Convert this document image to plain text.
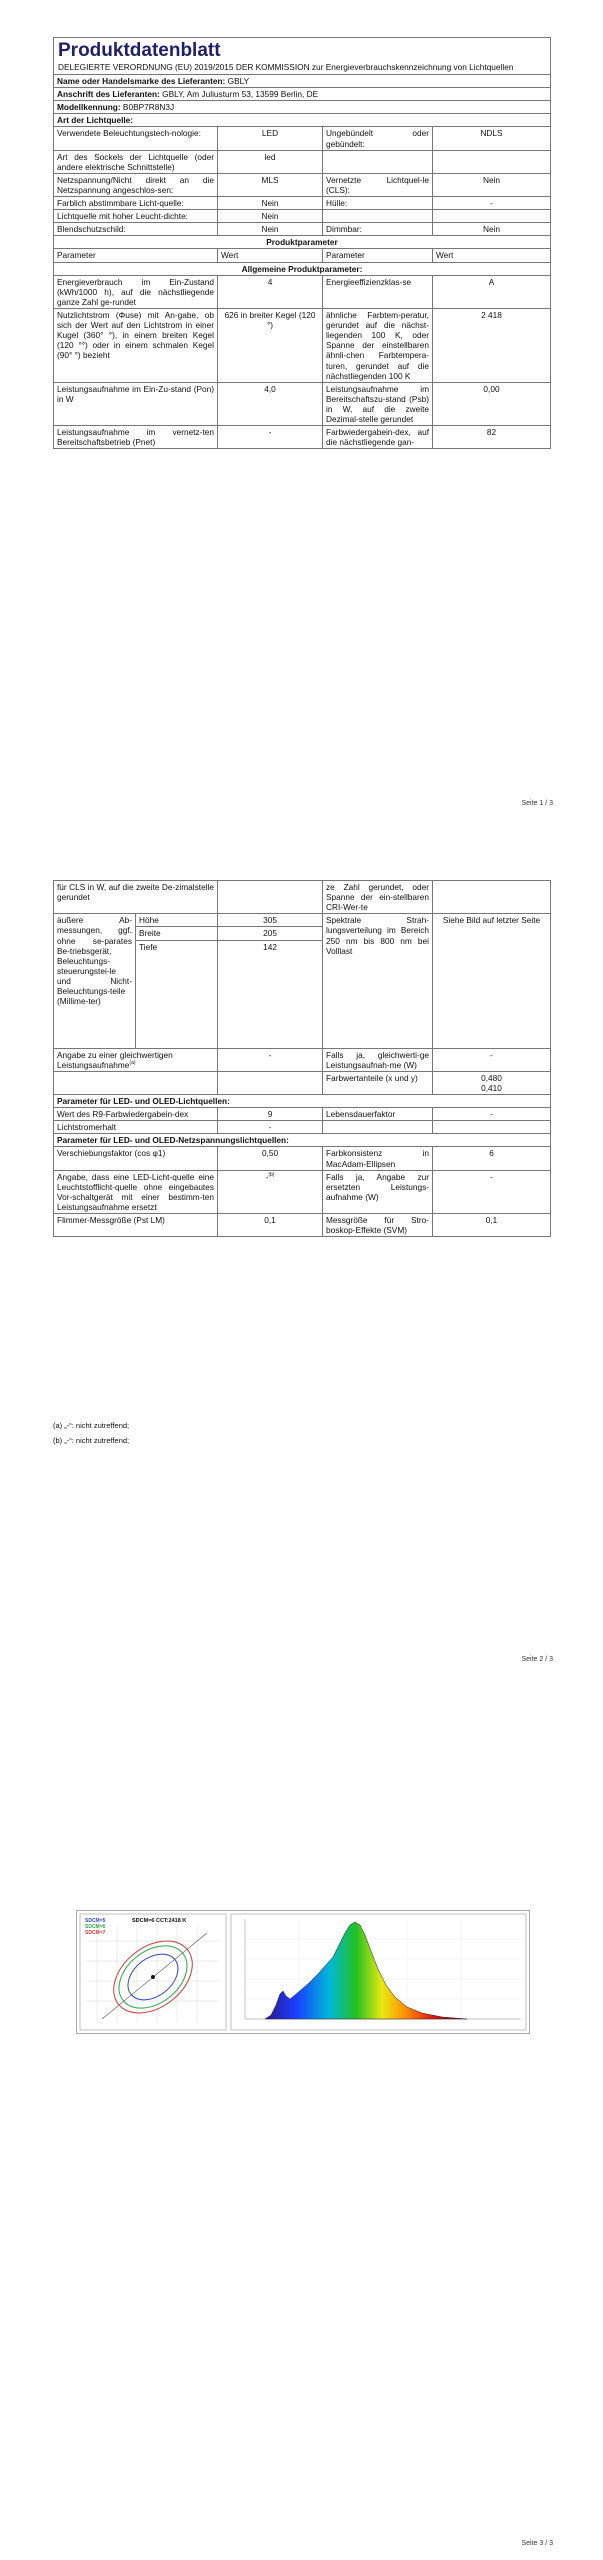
Produktdatenblatt
DELEGIERTE VERORDNUNG (EU) 2019/2015 DER KOMMISSION zur Energieverbrauchskennzeichnung von Lichtquellen			

Name oder Handelsmarke des Lieferanten: GBLY			
Anschrift des Lieferanten: GBLY, Am Juliusturm 53, 13599 Berlin, DE			
Modellkennung: B0BP7R8N3J			
Art der Lichtquelle:			
Verwendete Beleuchtungstech-nologie:	LED	Ungebündelt oder gebündelt:	NDLS
Art des Sockels der Lichtquelle (oder andere elektrische Schnittstelle)	led		
Netzspannung/Nicht direkt an die Netzspannung angeschlos-sen:	MLS	Vernetzte Lichtquel-le (CLS):	Nein
Farblich abstimmbare Licht-quelle:	Nein	Hülle:	-
Lichtquelle mit hoher Leucht-dichte:	Nein		
Blendschutzschild:	Nein	Dimmbar:	Nein
Produktparameter			
Parameter	Wert	Parameter	Wert
Allgemeine Produktparameter:			
Energieverbrauch im Ein-Zustand (kWh/1000 h), auf die nächstliegende ganze Zahl ge-rundet	4	Energieeffizienzklas-se	A
Nutzlichtstrom (Φuse) mit An-gabe, ob sich der Wert auf den Lichtstrom in einer Kugel (360° °), in einem breiten Kegel (120 °°) oder in einem schmalen Kegel (90° °) bezieht	626 in breiter Kegel (120 °)	ähnliche Farbtem-peratur, gerundet auf die nächst-liegenden 100 K, oder Spanne der einstellbaren ähnli-chen Farbtempera-turen, gerundet auf die nächstliegenden 100 K	2 418
Leistungsaufnahme im Ein-Zu-stand (Pon) in W	4,0	Leistungsaufnahme im Bereitschaftszu-stand (Psb) in W, auf die zweite Dezimal-stelle gerundet	0,00
Leistungsaufnahme im vernetz-ten Bereitschaftsbetrieb (Pnet)	-	Farbwiedergabein-dex, auf die nächstliegende gan-	82
Seite 1 / 3
für CLS in W, auf die zweite De-zimalstelle gerundet			ze Zahl gerundet, oder Spanne der ein-stellbaren CRI-Wer-te	
äußere Ab-messungen, ggf. ohne se-parates Be-triebsgerät, Beleuchtungs-steuerungstei-le und Nicht-Beleuchtungs-teile (Millime-ter)	Höhe	305	Spektrale Strah-lungsverteilung im Bereich 250 nm bis 800 nm bei Volllast	Siehe Bild auf letzter Seite
	Breite	205		
	Tiefe	142		
Angabe zu einer gleichwertigen Leistungsaufnahme$^{(a)}$		-	Falls ja, gleichwerti-ge Leistungsaufnah-me (W)	-
			Farbwertanteile (x und y)	0,480
0,410
Parameter für LED- und OLED-Lichtquellen:				
Wert des R9-Farbwiedergabein-dex		9	Lebensdauerfaktor	-
Lichtstromerhalt		-		
Parameter für LED- und OLED-Netzspannungslichtquellen:				
Verschiebungsfaktor (cos φ1)		0,50	Farbkonsistenz in MacAdam-Ellipsen	6
Angabe, dass eine LED-Licht-quelle eine Leuchtstofflicht-quelle ohne eingebautes Vor-schaltgerät mit einer bestimm-ten Leistungsaufnahme ersetzt		-$^{(b)}$	Falls ja, Angabe zur ersetzten Leistungs-aufnahme (W)	-
Flimmer-Messgröße (Pst LM)		0,1	Messgröße für Stro-boskop-Effekte (SVM)	0,1
(a) „-“: nicht zutreffend;
(b) „-“: nicht zutreffend;
Seite 2 / 3
Seite 3 / 3
SDCM=5
SDCM=6
SDCM=7
SDCM=6 CCT:2418 K
